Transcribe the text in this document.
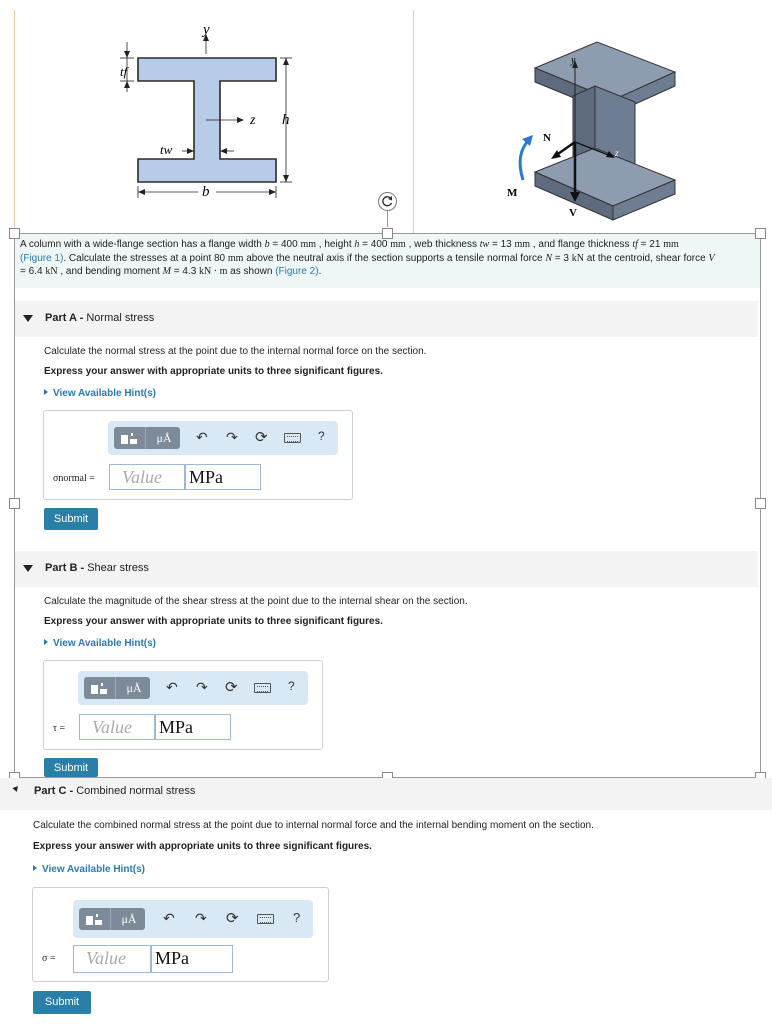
y
tf
z h
tw
b
y
N
z
M
V
A column with a wide-flange section has a flange width b = 400 mm , height h = 400 mm , web thickness tw = 13 mm , and flange thickness tf = 21 mm
(Figure 1). Calculate the stresses at a point 80 mm above the neutral axis if the section supports a tensile normal force N = 3 kN at the centroid, shear force V
= 6.4 kN , and bending moment M = 4.3 kN · m as shown (Figure 2).
Part A - Normal stress
Calculate the normal stress at the point due to the internal normal force on the section.
Express your answer with appropriate units to three significant figures.
View Available Hint(s)
μÅ	↶ ↷ ⟳	?
σnormal =	Value	MPa
Submit
Part B - Shear stress
Calculate the magnitude of the shear stress at the point due to the internal shear on the section.
Express your answer with appropriate units to three significant figures.
View Available Hint(s)
μÅ	↶ ↷ ⟳	?
τ =	Value	MPa
Submit
Part C - Combined normal stress
Calculate the combined normal stress at the point due to internal normal force and the internal bending moment on the section.
Express your answer with appropriate units to three significant figures.
View Available Hint(s)
μÅ	↶ ↷ ⟳	?
σ =	Value	MPa
Submit
